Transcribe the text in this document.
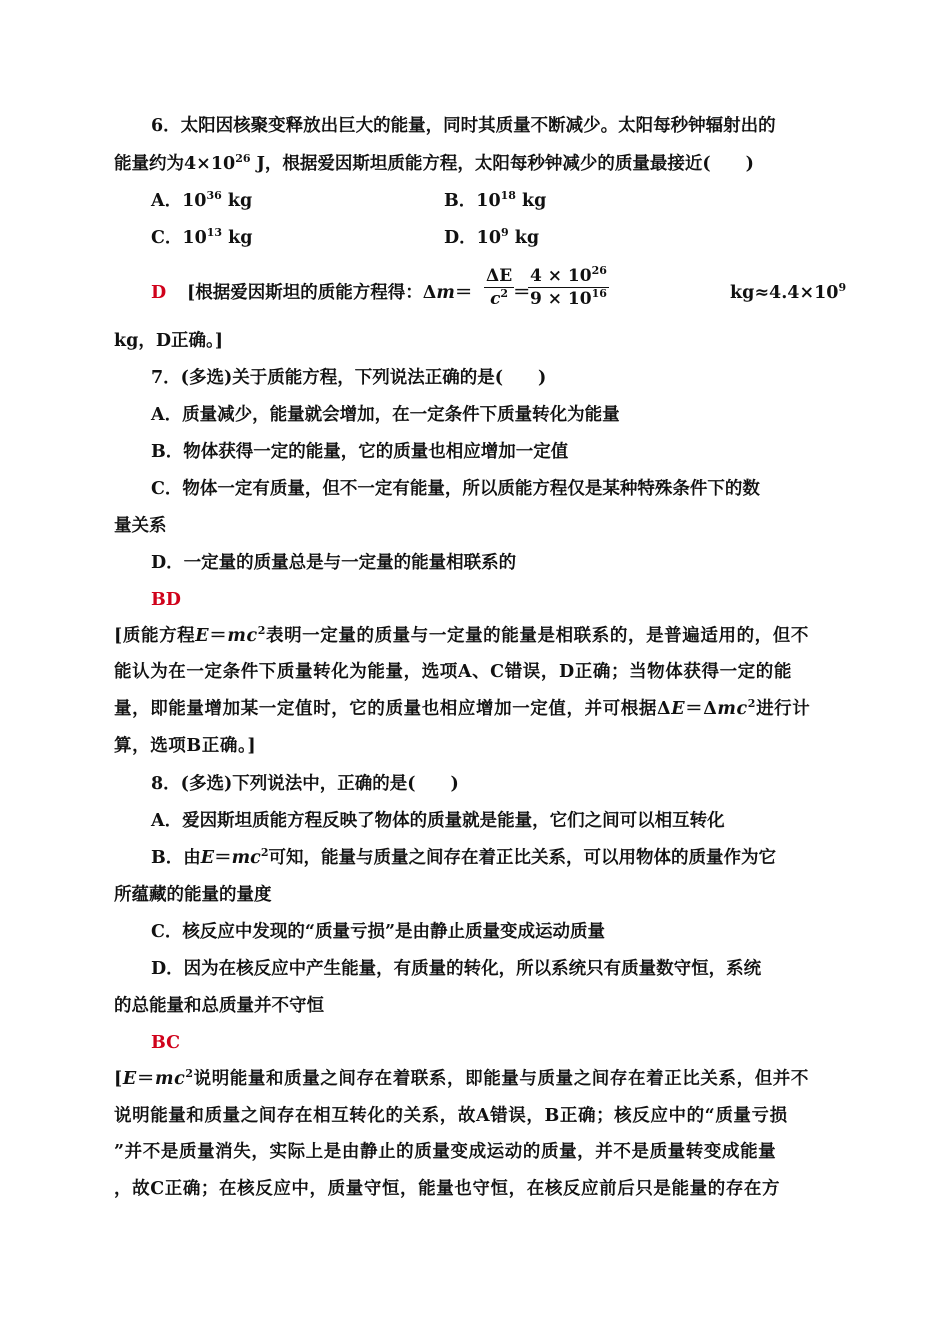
6．太阳因核聚变释放出巨大的能量，同时其质量不断减少。太阳每秒钟辐射出的
能量约为$4\times 10^{26}$ J，根据爱因斯坦质能方程，太阳每秒钟减少的质量最接近(　　)
A．$10^{36}$ kg	B．$10^{18}$ kg
C．$10^{13}$ kg	D．$10^9$ kg
D [根据爱因斯坦的质能方程得：$\Delta m= \frac{\Delta E}{c^2}$
＝
$\frac{4 \times 10^{26}}{9 \times 10^{16}}$	$kg\approx 4.4\times 10^9$
kg，D正确。]
7．(多选)关于质能方程，下列说法正确的是(　　)
A．质量减少，能量就会增加，在一定条件下质量转化为能量
B．物体获得一定的能量，它的质量也相应增加一定值
C．物体一定有质量，但不一定有能量，所以质能方程仅是某种特殊条件下的数
量关系
D．一定量的质量总是与一定量的能量相联系的
BD
[质能方程$E=mc^2$表明一定量的质量与一定量的能量是相联系的，是普遍适用的，但不
能认为在一定条件下质量转化为能量，选项A、C错误，D正确；当物体获得一定的能
量，即能量增加某一定值时，它的质量也相应增加一定值，并可根据ΔE＝Δmc$^2$进行计
算，选项B正确。]
8．(多选)下列说法中，正确的是(　　)
A．爱因斯坦质能方程反映了物体的质量就是能量，它们之间可以相互转化
B．由$E=mc^2$可知，能量与质量之间存在着正比关系，可以用物体的质量作为它
所蕴藏的能量的量度
C．核反应中发现的“质量亏损”是由静止质量变成运动质量
D．因为在核反应中产生能量，有质量的转化，所以系统只有质量数守恒，系统
的总能量和总质量并不守恒
BC
[$E=mc^2$说明能量和质量之间存在着联系，即能量与质量之间存在着正比关系，但并不
说明能量和质量之间存在相互转化的关系，故A错误，B正确；核反应中的“质量亏损
”并不是质量消失，实际上是由静止的质量变成运动的质量，并不是质量转变成能量
，故C正确；在核反应中，质量守恒，能量也守恒，在核反应前后只是能量的存在方
